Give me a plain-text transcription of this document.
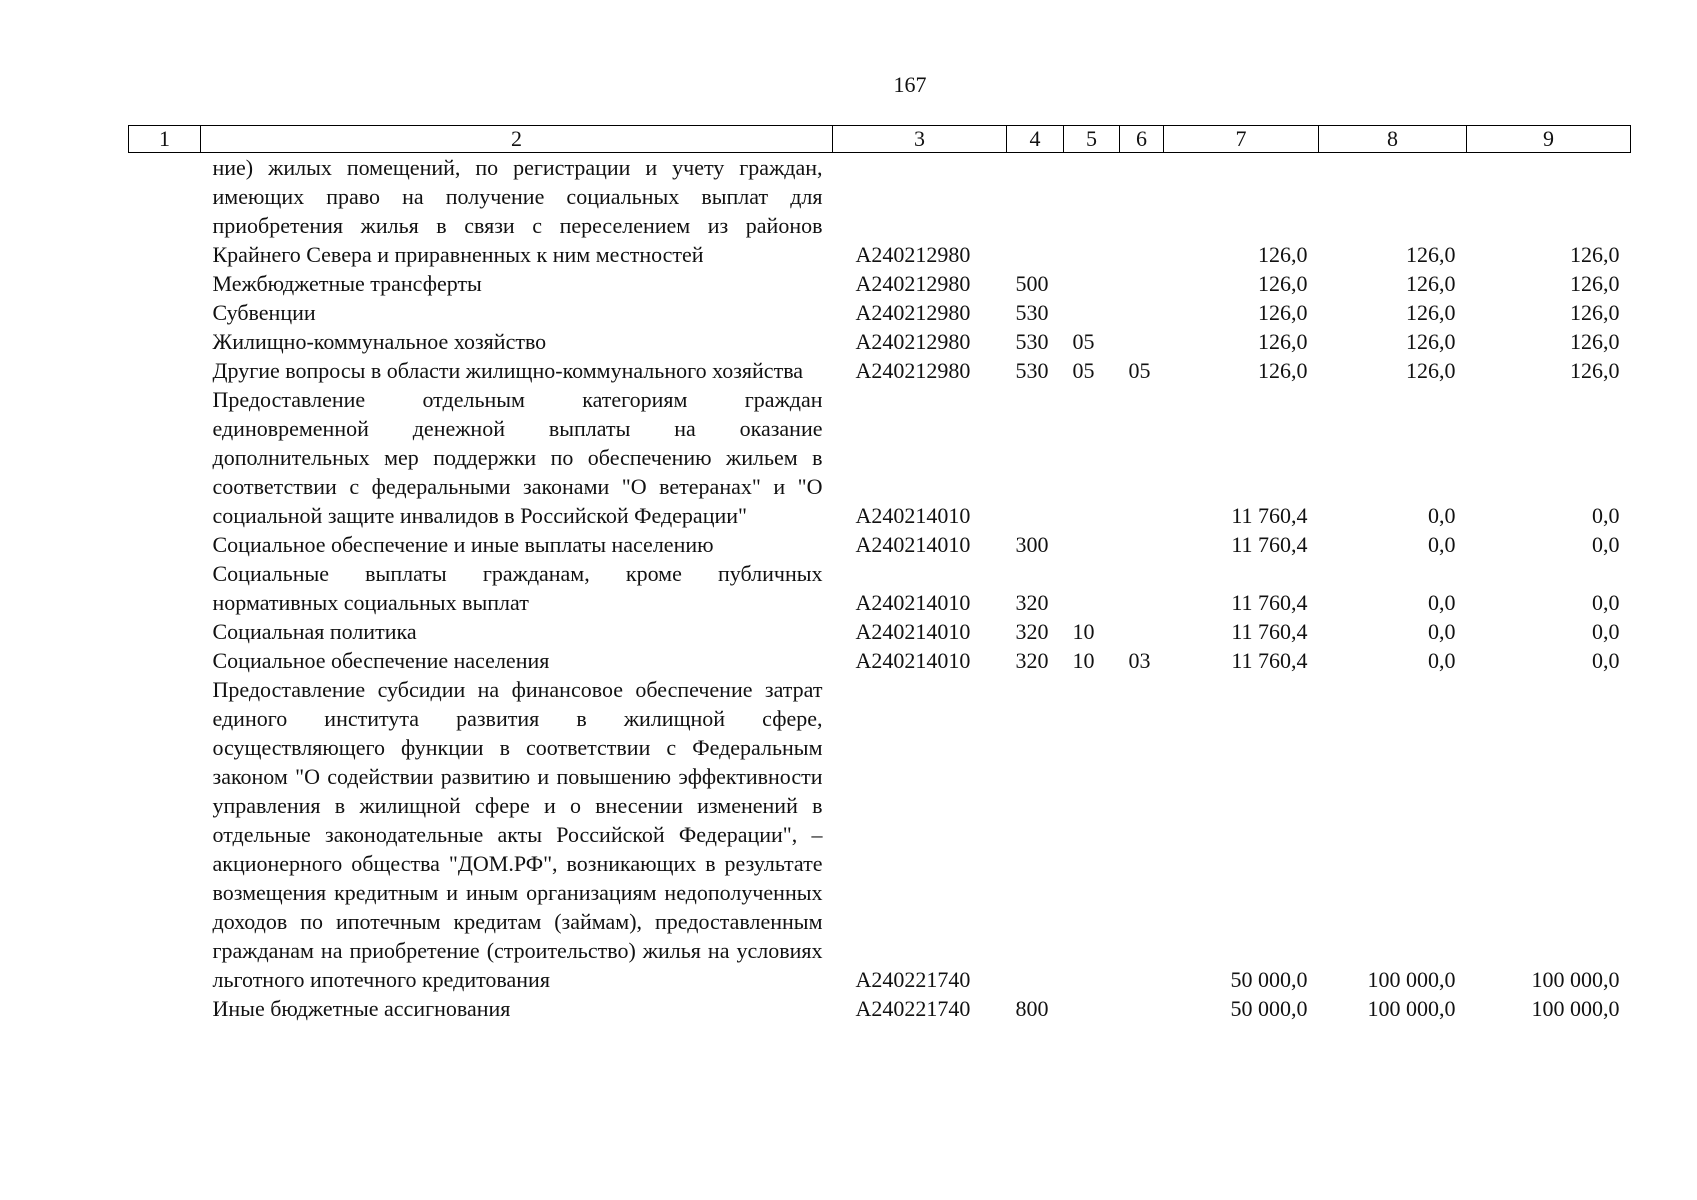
167
1	2	3	4	5	6	7	8	9

	ние) жилых помещений, по регистрации и учету граждан, имеющих право на получение социальных выплат для приобретения жилья в связи с переселением из районов Крайнего Севера и приравненных к ним местностей	А240212980				126,0	126,0	126,0

	Межбюджетные трансферты	А240212980	500			126,0	126,0	126,0

	Субвенции	А240212980	530			126,0	126,0	126,0

	Жилищно-коммунальное хозяйство	А240212980	530	05		126,0	126,0	126,0

	Другие вопросы в области жилищно-коммунального хозяйства	А240212980	530	05	05	126,0	126,0	126,0

	Предоставление отдельным категориям граждан единовременной денежной выплаты на оказание дополнительных мер поддержки по обеспечению жильем в соответствии с федеральными законами "О ветеранах" и "О социальной защите инвалидов в Российской Федерации"	А240214010				11 760,4	0,0	0,0

	Социальное обеспечение и иные выплаты населению	А240214010	300			11 760,4	0,0	0,0

	Социальные выплаты гражданам, кроме публичных нормативных социальных выплат	А240214010	320			11 760,4	0,0	0,0

	Социальная политика	А240214010	320	10		11 760,4	0,0	0,0

	Социальное обеспечение населения	А240214010	320	10	03	11 760,4	0,0	0,0

	Предоставление субсидии на финансовое обеспечение затрат единого института развития в жилищной сфере, осуществляющего функции в соответствии с Федеральным законом "О содействии развитию и повышению эффективности управления в жилищной сфере и о внесении изменений в отдельные законодательные акты Российской Федерации", – акционерного общества "ДОМ.РФ", возникающих в результате возмещения кредитным и иным организациям недополученных доходов по ипотечным кредитам (займам), предоставленным гражданам на приобретение (строительство) жилья на условиях льготного ипотечного кредитования	А240221740				50 000,0	100 000,0	100 000,0

	Иные бюджетные ассигнования	А240221740	800			50 000,0	100 000,0	100 000,0
